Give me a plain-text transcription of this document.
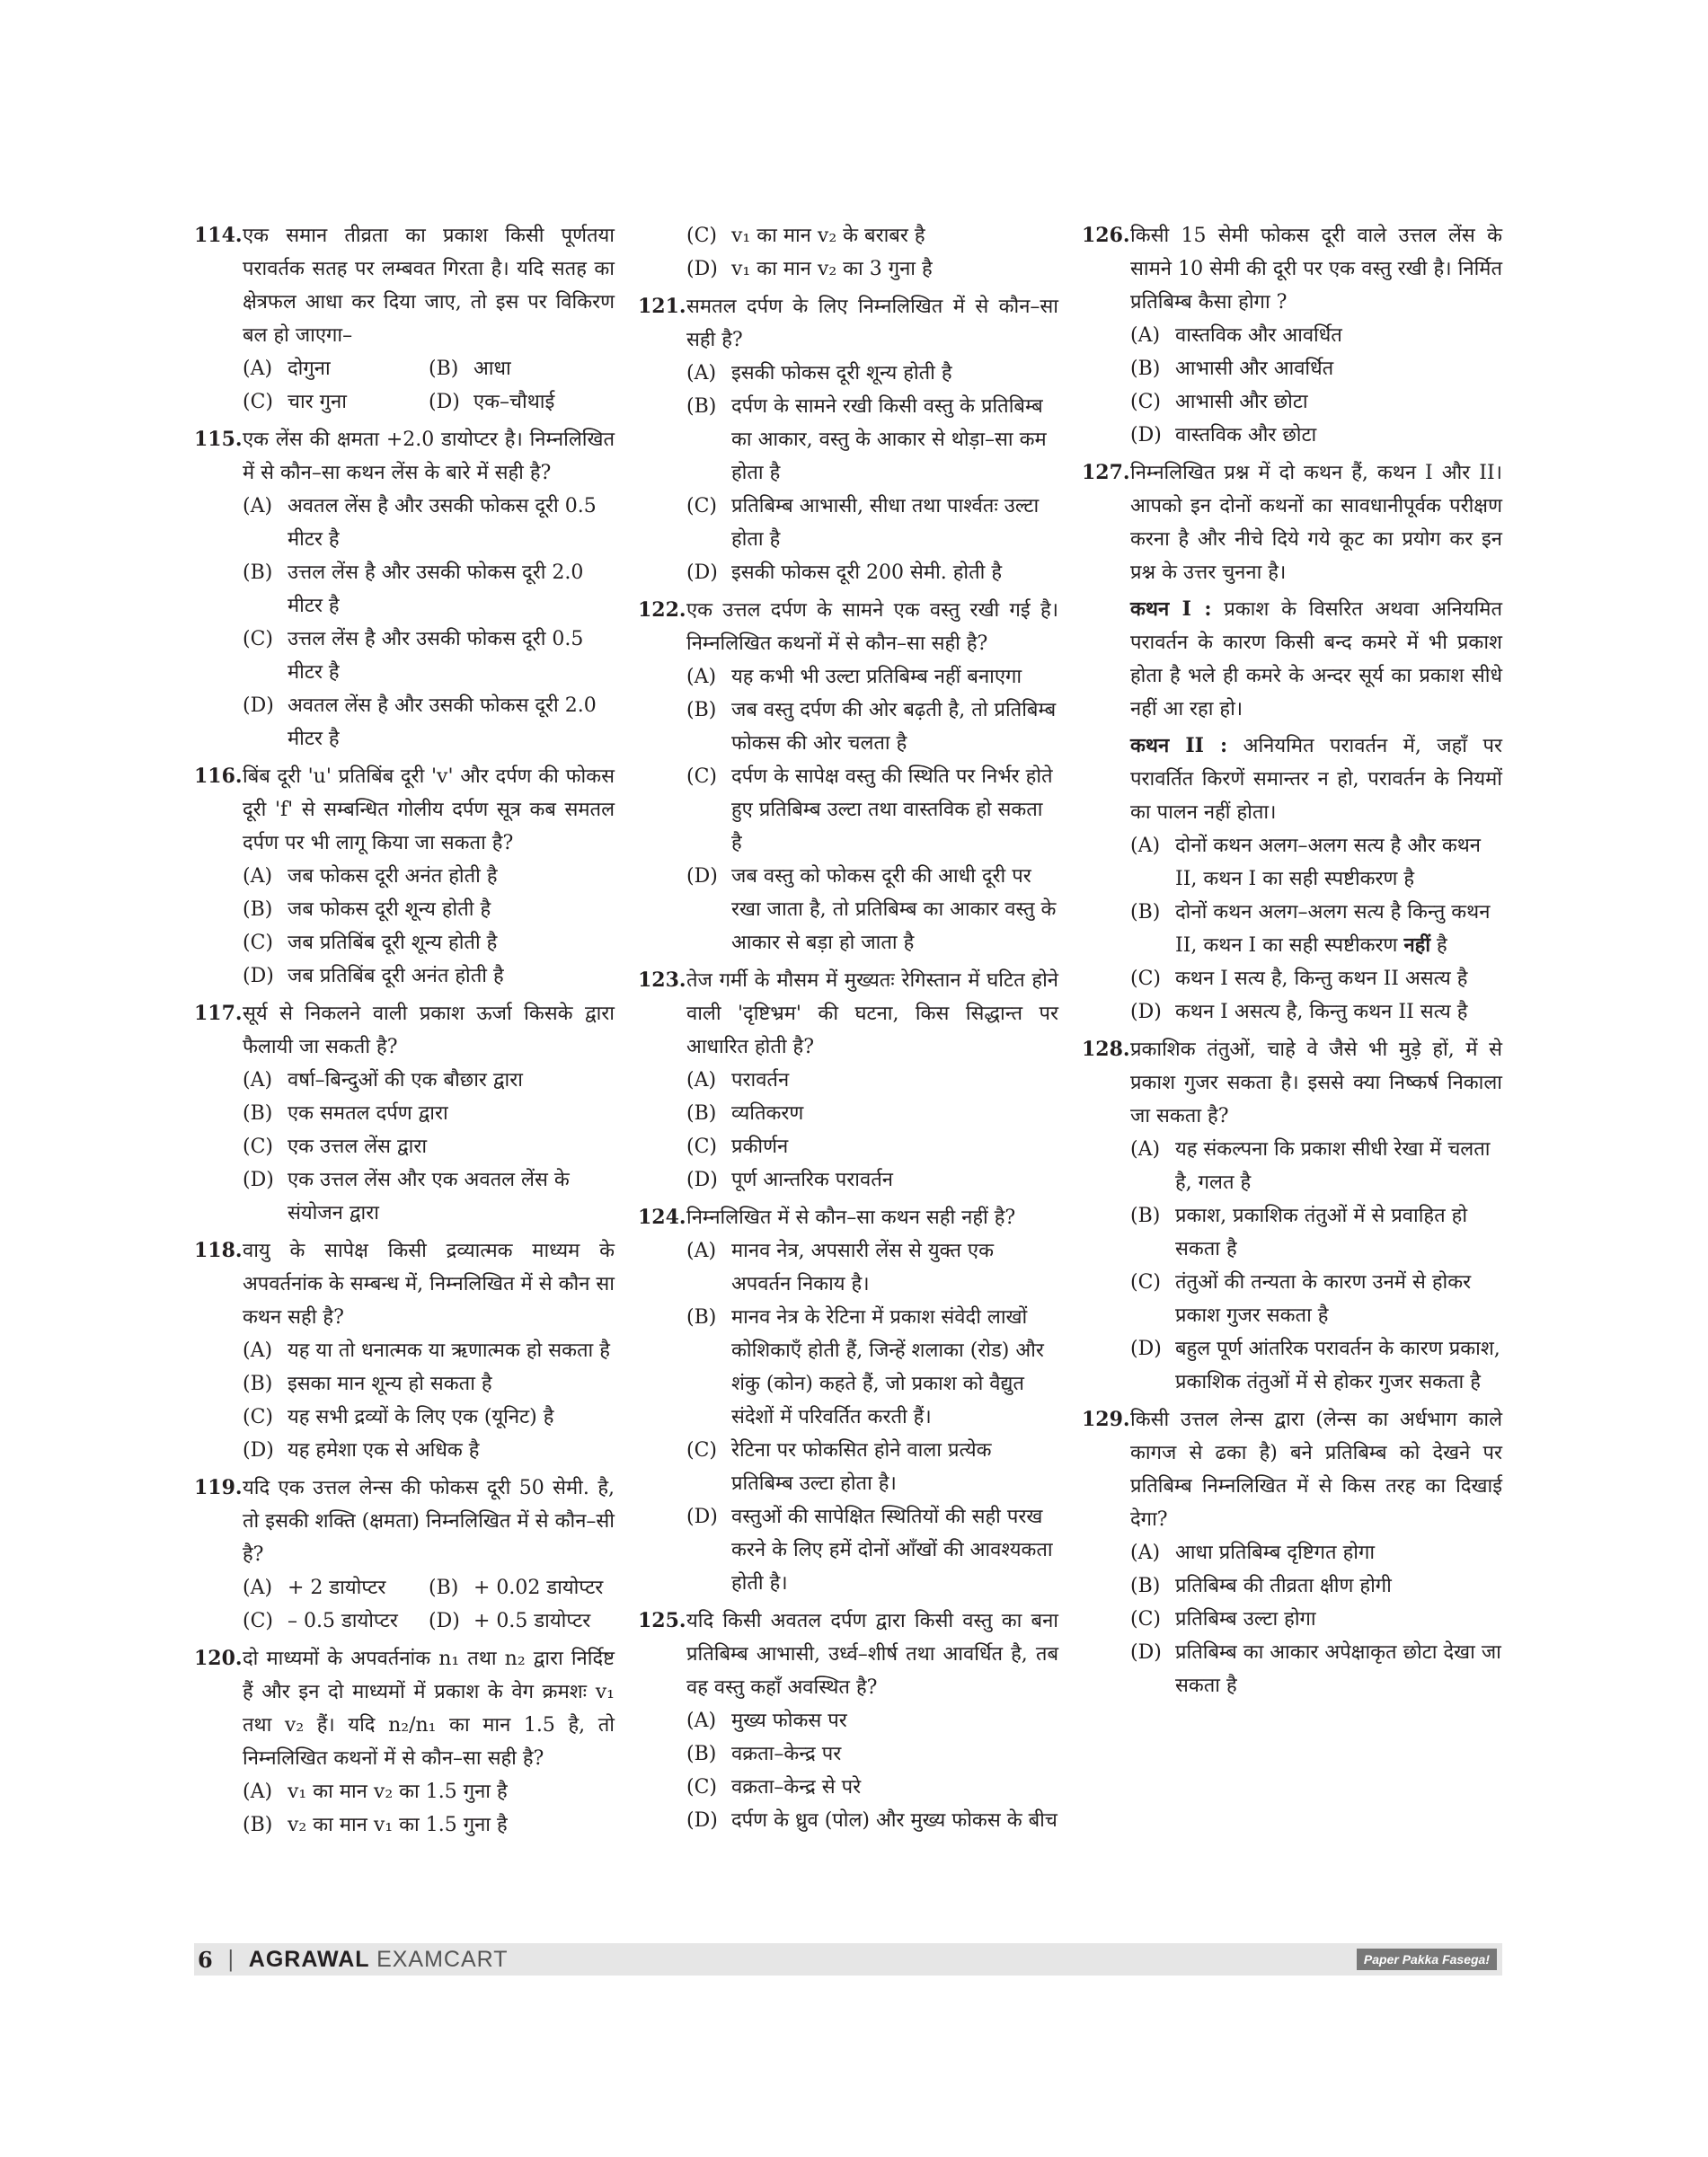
114. एक समान तीव्रता का प्रकाश किसी पूर्णतया परावर्तक सतह पर लम्बवत गिरता है। यदि सतह का क्षेत्रफल आधा कर दिया जाए, तो इस पर विकिरण बल हो जाएगा–
(A) दोगुना	(B) आधा
(C) चार गुना	(D) एक–चौथाई
115. एक लेंस की क्षमता +2.0 डायोप्टर है। निम्नलिखित में से कौन–सा कथन लेंस के बारे में सही है?
(A) अवतल लेंस है और उसकी फोकस दूरी 0.5 मीटर है
(B) उत्तल लेंस है और उसकी फोकस दूरी 2.0 मीटर है
(C) उत्तल लेंस है और उसकी फोकस दूरी 0.5 मीटर है
(D) अवतल लेंस है और उसकी फोकस दूरी 2.0 मीटर है
116. बिंब दूरी 'u' प्रतिबिंब दूरी 'v' और दर्पण की फोकस दूरी 'f' से सम्बन्धित गोलीय दर्पण सूत्र कब समतल दर्पण पर भी लागू किया जा सकता है?
(A) जब फोकस दूरी अनंत होती है
(B) जब फोकस दूरी शून्य होती है
(C) जब प्रतिबिंब दूरी शून्य होती है
(D) जब प्रतिबिंब दूरी अनंत होती है
117. सूर्य से निकलने वाली प्रकाश ऊर्जा किसके द्वारा फैलायी जा सकती है?
(A) वर्षा–बिन्दुओं की एक बौछार द्वारा
(B) एक समतल दर्पण द्वारा
(C) एक उत्तल लेंस द्वारा
(D) एक उत्तल लेंस और एक अवतल लेंस के संयोजन द्वारा
118. वायु के सापेक्ष किसी द्रव्यात्मक माध्यम के अपवर्तनांक के सम्बन्ध में, निम्नलिखित में से कौन सा कथन सही है?
(A) यह या तो धनात्मक या ऋणात्मक हो सकता है
(B) इसका मान शून्य हो सकता है
(C) यह सभी द्रव्यों के लिए एक (यूनिट) है
(D) यह हमेशा एक से अधिक है
119. यदि एक उत्तल लेन्स की फोकस दूरी 50 सेमी. है, तो इसकी शक्ति (क्षमता) निम्नलिखित में से कौन–सी है?
(A) + 2 डायोप्टर	(B) + 0.02 डायोप्टर
(C) – 0.5 डायोप्टर	(D) + 0.5 डायोप्टर
120. दो माध्यमों के अपवर्तनांक n₁ तथा n₂ द्वारा निर्दिष्ट हैं और इन दो माध्यमों में प्रकाश के वेग क्रमशः v₁ तथा v₂ हैं। यदि n₂/n₁ का मान 1.5 है, तो निम्नलिखित कथनों में से कौन–सा सही है?
(A) v₁ का मान v₂ का 1.5 गुना है
(B) v₂ का मान v₁ का 1.5 गुना है
(C) v₁ का मान v₂ के बराबर है
(D) v₁ का मान v₂ का 3 गुना है
121. समतल दर्पण के लिए निम्नलिखित में से कौन–सा सही है?
(A) इसकी फोकस दूरी शून्य होती है
(B) दर्पण के सामने रखी किसी वस्तु के प्रतिबिम्ब का आकार, वस्तु के आकार से थोड़ा–सा कम होता है
(C) प्रतिबिम्ब आभासी, सीधा तथा पार्श्वतः उल्टा होता है
(D) इसकी फोकस दूरी 200 सेमी. होती है
122. एक उत्तल दर्पण के सामने एक वस्तु रखी गई है। निम्नलिखित कथनों में से कौन–सा सही है?
(A) यह कभी भी उल्टा प्रतिबिम्ब नहीं बनाएगा
(B) जब वस्तु दर्पण की ओर बढ़ती है, तो प्रतिबिम्ब फोकस की ओर चलता है
(C) दर्पण के सापेक्ष वस्तु की स्थिति पर निर्भर होते हुए प्रतिबिम्ब उल्टा तथा वास्तविक हो सकता है
(D) जब वस्तु को फोकस दूरी की आधी दूरी पर रखा जाता है, तो प्रतिबिम्ब का आकार वस्तु के आकार से बड़ा हो जाता है
123. तेज गर्मी के मौसम में मुख्यतः रेगिस्तान में घटित होने वाली 'दृष्टिभ्रम' की घटना, किस सिद्धान्त पर आधारित होती है?
(A) परावर्तन
(B) व्यतिकरण
(C) प्रकीर्णन
(D) पूर्ण आन्तरिक परावर्तन
124. निम्नलिखित में से कौन–सा कथन सही नहीं है?
(A) मानव नेत्र, अपसारी लेंस से युक्त एक अपवर्तन निकाय है।
(B) मानव नेत्र के रेटिना में प्रकाश संवेदी लाखों कोशिकाएँ होती हैं, जिन्हें शलाका (रोड) और शंकु (कोन) कहते हैं, जो प्रकाश को वैद्युत संदेशों में परिवर्तित करती हैं।
(C) रेटिना पर फोकसित होने वाला प्रत्येक प्रतिबिम्ब उल्टा होता है।
(D) वस्तुओं की सापेक्षित स्थितियों की सही परख करने के लिए हमें दोनों आँखों की आवश्यकता होती है।
125. यदि किसी अवतल दर्पण द्वारा किसी वस्तु का बना प्रतिबिम्ब आभासी, उर्ध्व–शीर्ष तथा आवर्धित है, तब वह वस्तु कहाँ अवस्थित है?
(A) मुख्य फोकस पर
(B) वक्रता–केन्द्र पर
(C) वक्रता–केन्द्र से परे
(D) दर्पण के ध्रुव (पोल) और मुख्य फोकस के बीच
126. किसी 15 सेमी फोकस दूरी वाले उत्तल लेंस के सामने 10 सेमी की दूरी पर एक वस्तु रखी है। निर्मित प्रतिबिम्ब कैसा होगा ?
(A) वास्तविक और आवर्धित
(B) आभासी और आवर्धित
(C) आभासी और छोटा
(D) वास्तविक और छोटा
127. निम्नलिखित प्रश्न में दो कथन हैं, कथन I और II। आपको इन दोनों कथनों का सावधानीपूर्वक परीक्षण करना है और नीचे दिये गये कूट का प्रयोग कर इन प्रश्न के उत्तर चुनना है।
कथन I : प्रकाश के विसरित अथवा अनियमित परावर्तन के कारण किसी बन्द कमरे में भी प्रकाश होता है भले ही कमरे के अन्दर सूर्य का प्रकाश सीधे नहीं आ रहा हो।
कथन II : अनियमित परावर्तन में, जहाँ पर परावर्तित किरणें समान्तर न हो, परावर्तन के नियमों का पालन नहीं होता।
(A) दोनों कथन अलग–अलग सत्य है और कथन II, कथन I का सही स्पष्टीकरण है
(B) दोनों कथन अलग–अलग सत्य है किन्तु कथन II, कथन I का सही स्पष्टीकरण नहीं है
(C) कथन I सत्य है, किन्तु कथन II असत्य है
(D) कथन I असत्य है, किन्तु कथन II सत्य है
128. प्रकाशिक तंतुओं, चाहे वे जैसे भी मुड़े हों, में से प्रकाश गुजर सकता है। इससे क्या निष्कर्ष निकाला जा सकता है?
(A) यह संकल्पना कि प्रकाश सीधी रेखा में चलता है, गलत है
(B) प्रकाश, प्रकाशिक तंतुओं में से प्रवाहित हो सकता है
(C) तंतुओं की तन्यता के कारण उनमें से होकर प्रकाश गुजर सकता है
(D) बहुल पूर्ण आंतरिक परावर्तन के कारण प्रकाश, प्रकाशिक तंतुओं में से होकर गुजर सकता है
129. किसी उत्तल लेन्स द्वारा (लेन्स का अर्धभाग काले कागज से ढका है) बने प्रतिबिम्ब को देखने पर प्रतिबिम्ब निम्नलिखित में से किस तरह का दिखाई देगा?
(A) आधा प्रतिबिम्ब दृष्टिगत होगा
(B) प्रतिबिम्ब की तीव्रता क्षीण होगी
(C) प्रतिबिम्ब उल्टा होगा
(D) प्रतिबिम्ब का आकार अपेक्षाकृत छोटा देखा जा सकता है
6 | AGRAWAL EXAMCART	Paper Pakka Fasega!
